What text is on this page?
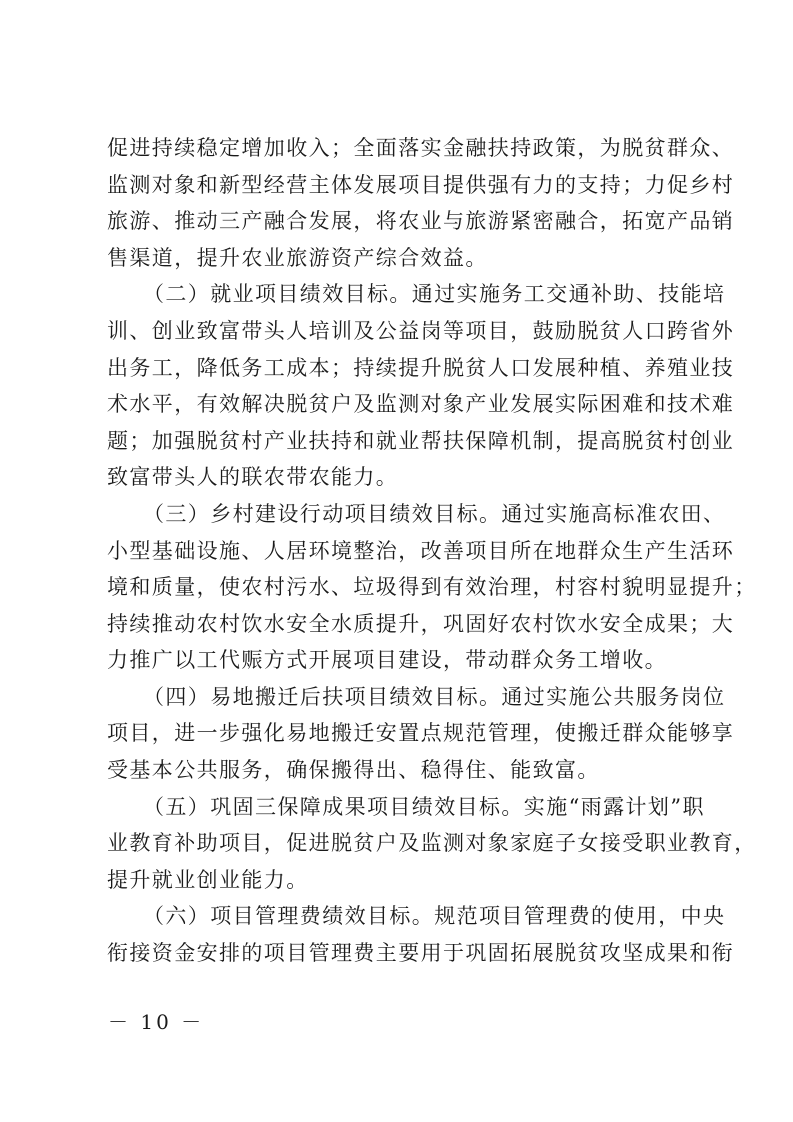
促进持续稳定增加收入；全面落实金融扶持政策，为脱贫群众、
监测对象和新型经营主体发展项目提供强有力的支持；力促乡村
旅游、推动三产融合发展，将农业与旅游紧密融合，拓宽产品销
售渠道，提升农业旅游资产综合效益。
（二）就业项目绩效目标。通过实施务工交通补助、技能培
训、创业致富带头人培训及公益岗等项目，鼓励脱贫人口跨省外
出务工，降低务工成本；持续提升脱贫人口发展种植、养殖业技
术水平，有效解决脱贫户及监测对象产业发展实际困难和技术难
题；加强脱贫村产业扶持和就业帮扶保障机制，提高脱贫村创业
致富带头人的联农带农能力。
（三）乡村建设行动项目绩效目标。通过实施高标准农田、
小型基础设施、人居环境整治，改善项目所在地群众生产生活环
境和质量，使农村污水、垃圾得到有效治理，村容村貌明显提升；
持续推动农村饮水安全水质提升，巩固好农村饮水安全成果；大
力推广以工代赈方式开展项目建设，带动群众务工增收。
（四）易地搬迁后扶项目绩效目标。通过实施公共服务岗位
项目，进一步强化易地搬迁安置点规范管理，使搬迁群众能够享
受基本公共服务，确保搬得出、稳得住、能致富。
（五）巩固三保障成果项目绩效目标。实施“雨露计划”职
业教育补助项目，促进脱贫户及监测对象家庭子女接受职业教育，
提升就业创业能力。
（六）项目管理费绩效目标。规范项目管理费的使用，中央
衔接资金安排的项目管理费主要用于巩固拓展脱贫攻坚成果和衔
－ 10 －
